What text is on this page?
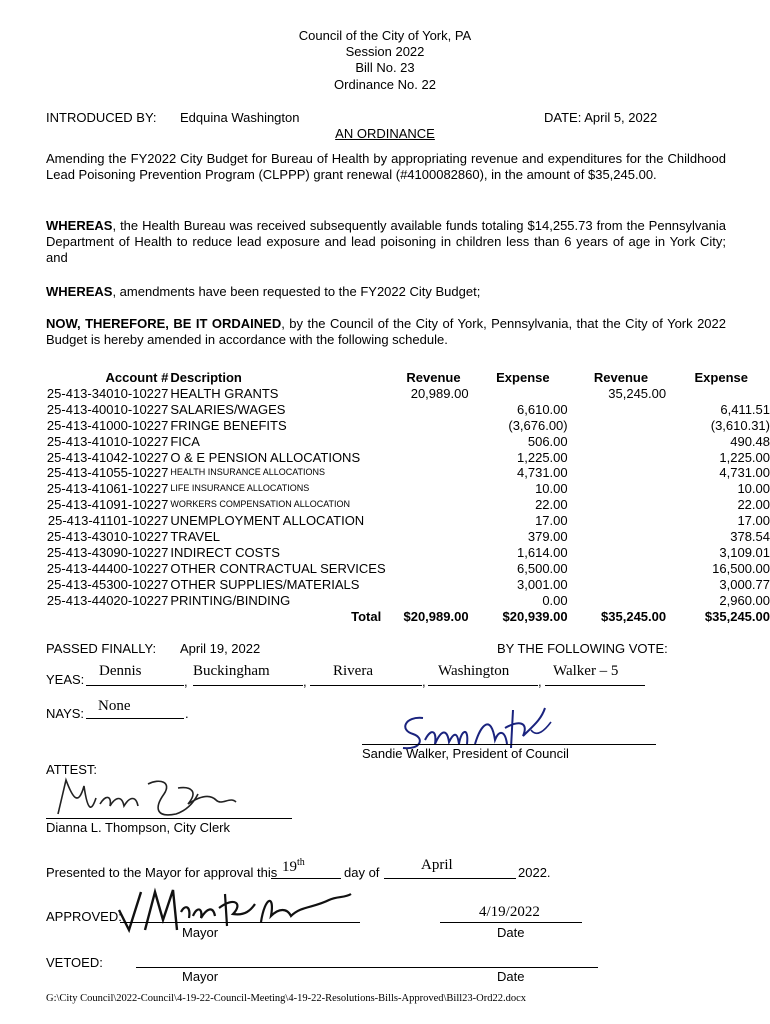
Council of the City of York, PA
Session 2022
Bill No. 23
Ordinance No. 22
INTRODUCED BY: Edquina Washington	DATE: April 5, 2022
AN ORDINANCE
Amending the FY2022 City Budget for Bureau of Health by appropriating revenue and expenditures for the Childhood Lead Poisoning Prevention Program (CLPPP) grant renewal (#4100082860), in the amount of $35,245.00.
WHEREAS, the Health Bureau was received subsequently available funds totaling $14,255.73 from the Pennsylvania Department of Health to reduce lead exposure and lead poisoning in children less than 6 years of age in York City; and
WHEREAS, amendments have been requested to the FY2022 City Budget;
NOW, THEREFORE, BE IT ORDAINED, by the Council of the City of York, Pennsylvania, that the City of York 2022 Budget is hereby amended in accordance with the following schedule.
Account #	Description	Revenue	Expense	Revenue	Expense
25-413-34010-10227	HEALTH GRANTS	20,989.00		35,245.00	
25-413-40010-10227	SALARIES/WAGES		6,610.00		6,411.51
25-413-41000-10227	FRINGE BENEFITS		(3,676.00)		(3,610.31)
25-413-41010-10227	FICA		506.00		490.48
25-413-41042-10227	O & E PENSION ALLOCATIONS		1,225.00		1,225.00
25-413-41055-10227	HEALTH INSURANCE ALLOCATIONS		4,731.00		4,731.00
25-413-41061-10227	LIFE INSURANCE ALLOCATIONS		10.00		10.00
25-413-41091-10227	WORKERS COMPENSATION ALLOCATION		22.00		22.00
25-413-41101-10227	UNEMPLOYMENT ALLOCATION		17.00		17.00
25-413-43010-10227	TRAVEL		379.00		378.54
25-413-43090-10227	INDIRECT COSTS		1,614.00		3,109.01
25-413-44400-10227	OTHER CONTRACTUAL SERVICES		6,500.00		16,500.00
25-413-45300-10227	OTHER SUPPLIES/MATERIALS		3,001.00		3,000.77
25-413-44020-10227	PRINTING/BINDING		0.00		2,960.00
	Total	$20,989.00	$20,939.00	$35,245.00	$35,245.00
PASSED FINALLY: April 19, 2022	BY THE FOLLOWING VOTE:
YEAS:
Dennis	Buckingham	Rivera	Washington	Walker – 5
,	,	,	,
NAYS: None	.
Sandie Walker, President of Council
ATTEST:
Dianna L. Thompson, City Clerk
Presented to the Mayor for approval this 19th
day of	April	2022.
APPROVED:
Mayor
4/19/2022
Date
VETOED:
Mayor	Date
G:\City Council\2022-Council\4-19-22-Council-Meeting\4-19-22-Resolutions-Bills-Approved\Bill23-Ord22.docx
